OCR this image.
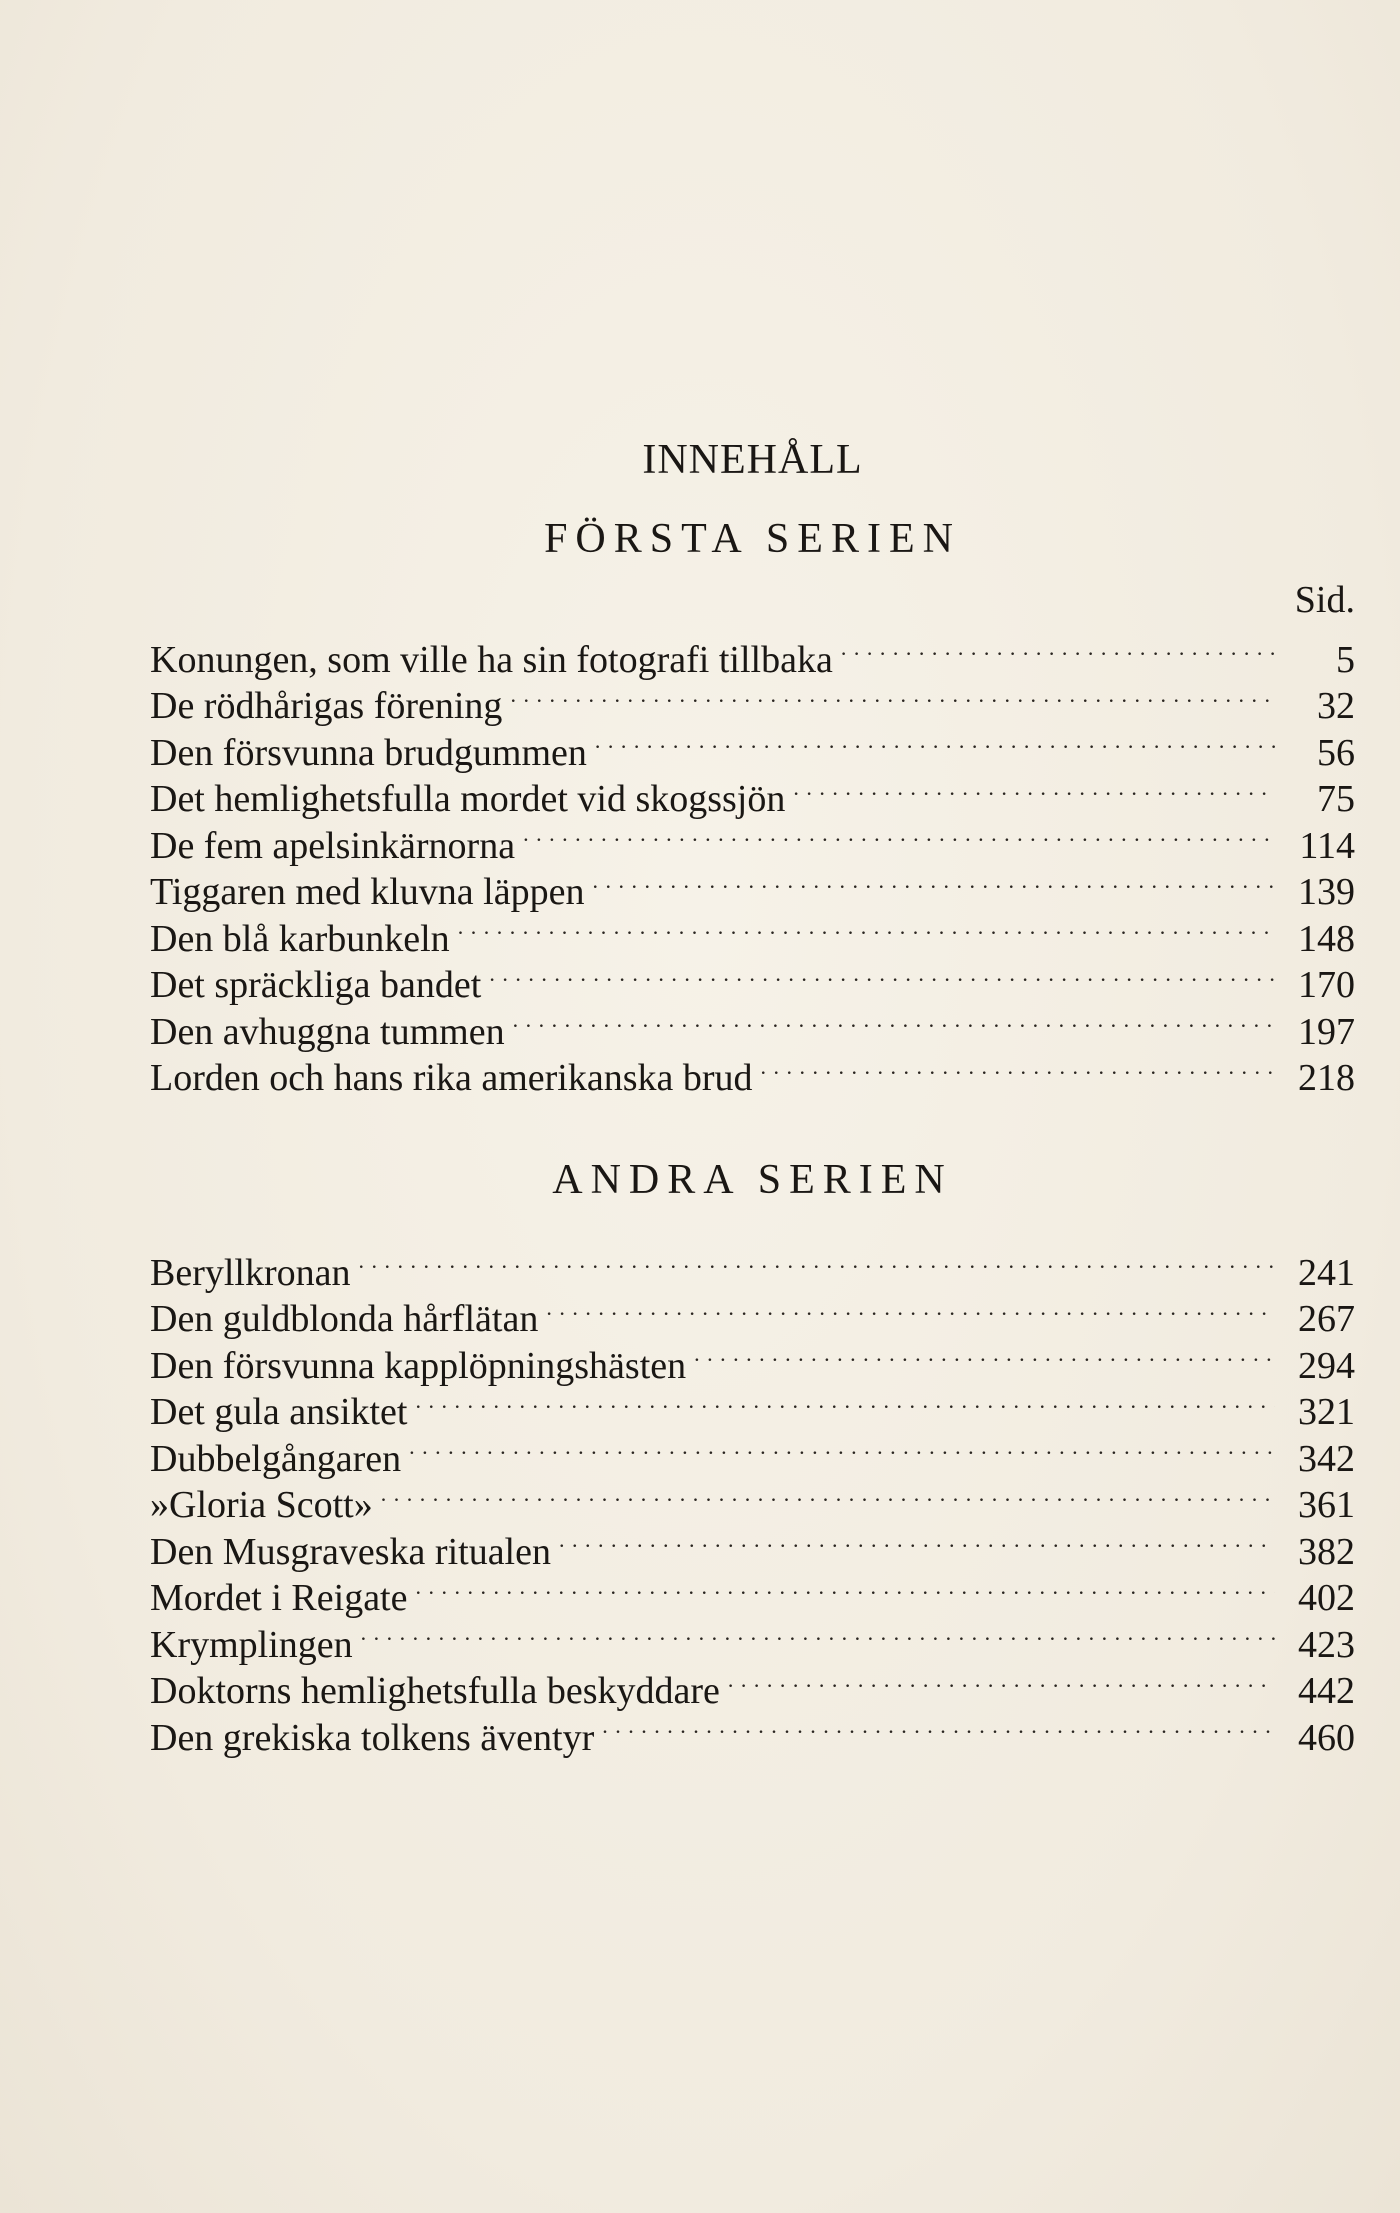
INNEHÅLL
FÖRSTA SERIEN
Sid.
Konungen, som ville ha sin fotografi tillbaka . . .	5
De rödhårigas förening . . .	32
Den försvunna brudgummen . . .	56
Det hemlighetsfulla mordet vid skogssjön . . .	75
De fem apelsinkärnorna . . .	114
Tiggaren med kluvna läppen . . .	139
Den blå karbunkeln . . .	148
Det spräckliga bandet . . .	170
Den avhuggna tummen . . .	197
Lorden och hans rika amerikanska brud . . .	218
ANDRA SERIEN
Beryllkronan . . .	241
Den guldblonda hårflätan . . .	267
Den försvunna kapplöpningshästen . . .	294
Det gula ansiktet . . .	321
Dubbelgångaren . . .	342
»Gloria Scott» . . .	361
Den Musgraveska ritualen . . .	382
Mordet i Reigate . . .	402
Krymplingen . . .	423
Doktorns hemlighetsfulla beskyddare . . .	442
Den grekiska tolkens äventyr . . .	460
